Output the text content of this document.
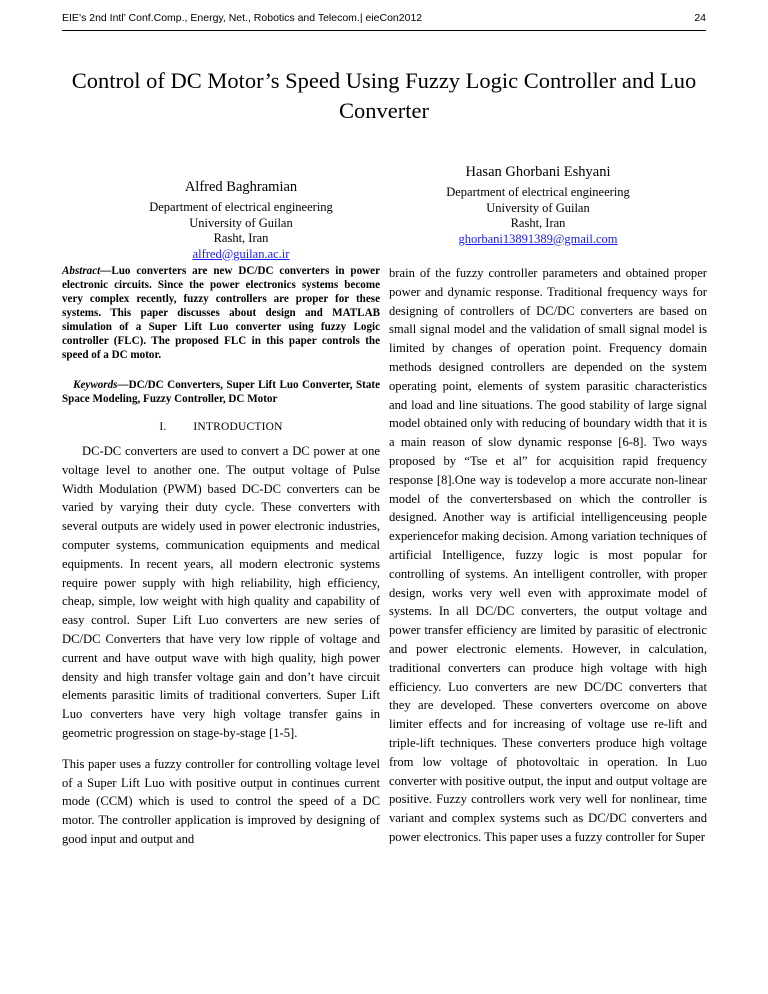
EIE’s 2nd Intl’ Conf.Comp., Energy, Net., Robotics and Telecom.| eieCon2012	24
Control of DC Motor’s Speed Using Fuzzy Logic Controller and Luo Converter
Alfred Baghramian
Department of electrical engineering
University of Guilan
Rasht, Iran
alfred@guilan.ac.ir
Hasan Ghorbani Eshyani
Department of electrical engineering
University of Guilan
Rasht, Iran
ghorbani13891389@gmail.com

Abstract—Luo converters are new DC/DC converters in power electronic circuits. Since the power electronics systems become very complex recently, fuzzy controllers are proper for these systems. This paper discusses about design and MATLAB simulation of a Super Lift Luo converter using fuzzy Logic controller (FLC). The proposed FLC in this paper controls the speed of a DC motor.

 Keywords—DC/DC Converters, Super Lift Luo Converter, State Space Modeling, Fuzzy Controller, DC Motor

I. INTRODUCTION

DC-DC converters are used to convert a DC power at one voltage level to another one. The output voltage of Pulse Width Modulation (PWM) based DC-DC converters can be varied by varying their duty cycle. These converters with several outputs are widely used in power electronic industries, computer systems, communication equipments and medical equipments. In recent years, all modern electronic systems require power supply with high reliability, high efficiency, cheap, simple, low weight with high quality and capability of easy control. Super Lift Luo converters are new series of DC/DC Converters that have very low ripple of voltage and current and have output wave with high quality, high power density and high transfer voltage gain and don’t have circuit elements parasitic limits of traditional converters. Super Lift Luo converters have very high voltage transfer gains in geometric progression on stage-by-stage [1-5].

This paper uses a fuzzy controller for controlling voltage level of a Super Lift Luo with positive output in continues current mode (CCM) which is used to control the speed of a DC motor. The controller application is improved by designing of good input and output and

brain of the fuzzy controller parameters and obtained proper power and dynamic response. Traditional frequency ways for designing of controllers of DC/DC converters are based on small signal model and the validation of small signal model is limited by changes of operation point. Frequency domain methods designed controllers are depended on the system operating point, elements of system parasitic characteristics and load and line situations. The good stability of large signal model obtained only with reducing of boundary width that it is a main reason of slow dynamic response [6-8]. Two ways proposed by “Tse et al” for acquisition rapid frequency response [8].One way is todevelop a more accurate non-linear model of the convertersbased on which the controller is designed. Another way is artificial intelligenceusing people experiencefor making decision. Among variation techniques of artificial Intelligence, fuzzy logic is most popular for controlling of systems. An intelligent controller, with proper design, works very well even with approximate model of systems. In all DC/DC converters, the output voltage and power transfer efficiency are limited by parasitic of electronic and power electronic elements. However, in calculation, traditional converters can produce high voltage with high efficiency. Luo converters are new DC/DC converters that they are developed. These converters overcome on above limiter effects and for increasing of voltage use re-lift and triple-lift techniques. These converters produce high voltage from low voltage of photovoltaic in operation. In Luo converter with positive output, the input and output voltage are positive. Fuzzy controllers work very well for nonlinear, time variant and complex systems such as DC/DC converters and power electronics. This paper uses a fuzzy controller for Super
